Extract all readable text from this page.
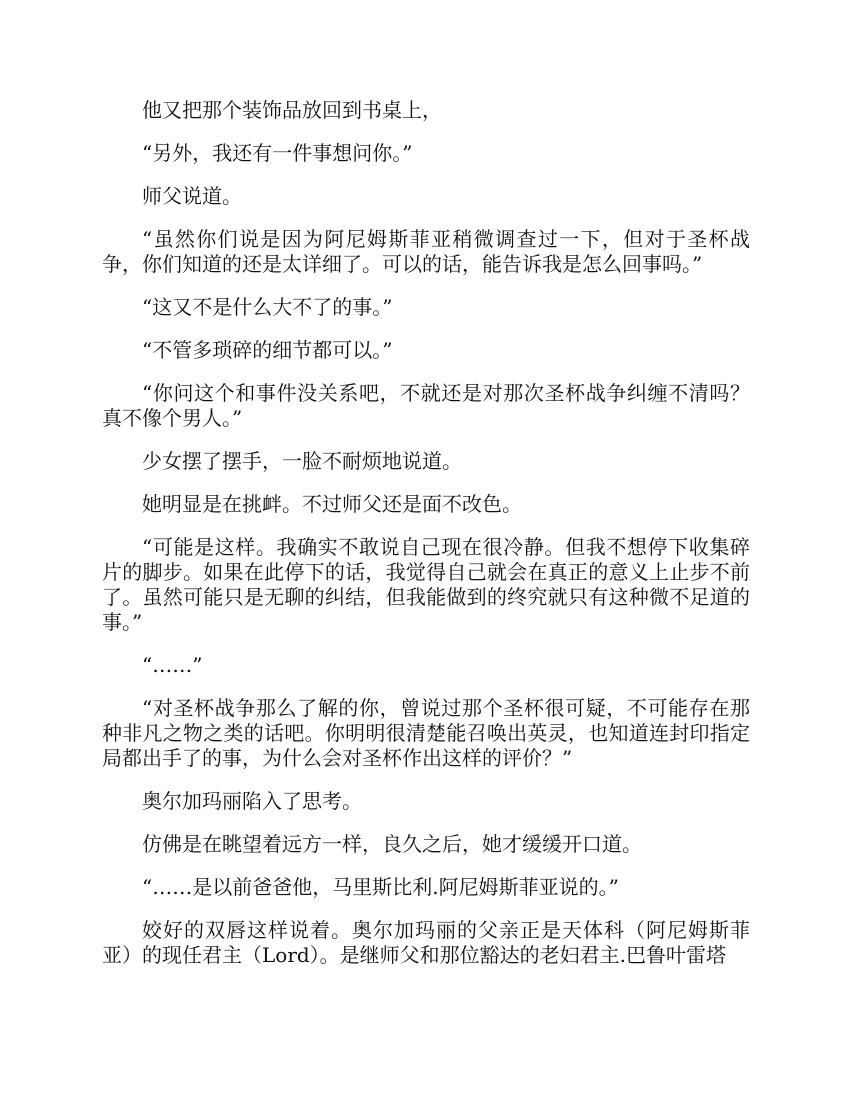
他又把那个装饰品放回到书桌上，

“另外，我还有一件事想问你。”

师父说道。

“虽然你们说是因为阿尼姆斯菲亚稍微调查过一下，但对于圣杯战争，你们知道的还是太详细了。可以的话，能告诉我是怎么回事吗。”

“这又不是什么大不了的事。”

“不管多琐碎的细节都可以。”

“你问这个和事件没关系吧，不就还是对那次圣杯战争纠缠不清吗？真不像个男人。”

少女摆了摆手，一脸不耐烦地说道。

她明显是在挑衅。不过师父还是面不改色。

“可能是这样。我确实不敢说自己现在很冷静。但我不想停下收集碎片的脚步。如果在此停下的话，我觉得自己就会在真正的意义上止步不前了。虽然可能只是无聊的纠结，但我能做到的终究就只有这种微不足道的事。”

“……”

“对圣杯战争那么了解的你，曾说过那个圣杯很可疑，不可能存在那种非凡之物之类的话吧。你明明很清楚能召唤出英灵，也知道连封印指定局都出手了的事，为什么会对圣杯作出这样的评价？”

奥尔加玛丽陷入了思考。

仿佛是在眺望着远方一样，良久之后，她才缓缓开口道。

“……是以前爸爸他，马里斯比利.阿尼姆斯菲亚说的。”

姣好的双唇这样说着。奥尔加玛丽的父亲正是天体科（阿尼姆斯菲亚）的现任君主（Lord）。是继师父和那位豁达的老妇君主.巴鲁叶雷塔
